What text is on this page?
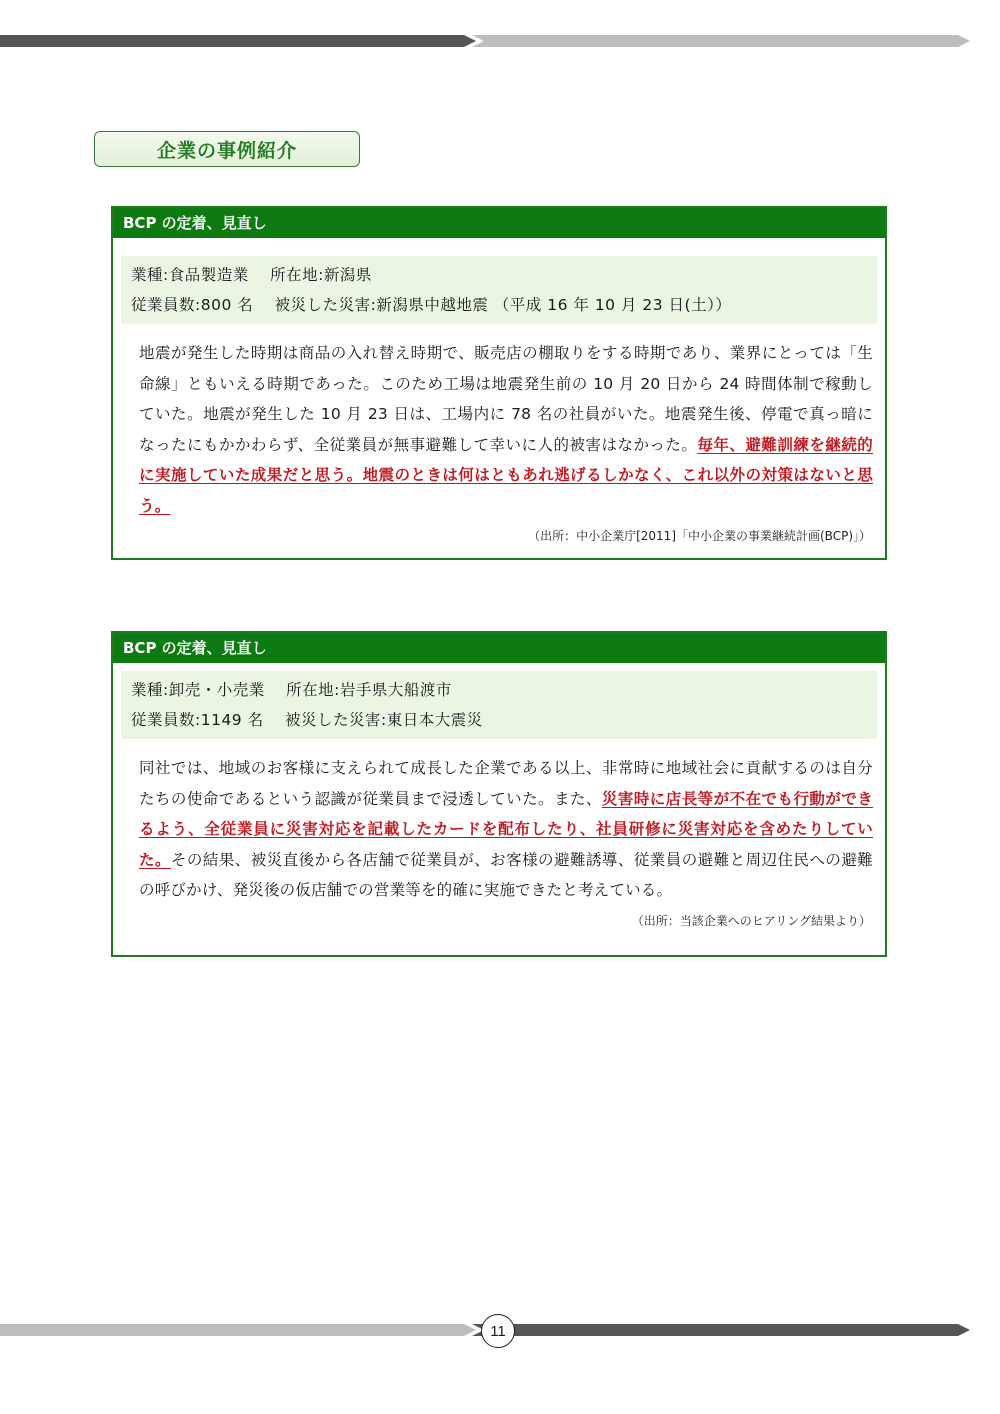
企業の事例紹介
BCP の定着、見直し
業種:食品製造業　 所在地:新潟県
従業員数:800 名　 被災した災害:新潟県中越地震 （平成 16 年 10 月 23 日(土））
地震が発生した時期は商品の入れ替え時期で、販売店の棚取りをする時期であり、業界にとっては「生命線」ともいえる時期であった。このため工場は地震発生前の 10 月 20 日から 24 時間体制で稼動していた。地震が発生した 10 月 23 日は、工場内に 78 名の社員がいた。地震発生後、停電で真っ暗になったにもかかわらず、全従業員が無事避難して幸いに人的被害はなかった。毎年、避難訓練を継続的に実施していた成果だと思う。地震のときは何はともあれ逃げるしかなく、これ以外の対策はないと思う。
（出所：中小企業庁[2011]「中小企業の事業継続計画(BCP)」）
BCP の定着、見直し
業種:卸売・小売業　 所在地:岩手県大船渡市
従業員数:1149 名　 被災した災害:東日本大震災
同社では、地域のお客様に支えられて成長した企業である以上、非常時に地域社会に貢献するのは自分たちの使命であるという認識が従業員まで浸透していた。また、災害時に店長等が不在でも行動ができるよう、全従業員に災害対応を記載したカードを配布したり、社員研修に災害対応を含めたりしていた。その結果、被災直後から各店舗で従業員が、お客様の避難誘導、従業員の避難と周辺住民への避難の呼びかけ、発災後の仮店舗での営業等を的確に実施できたと考えている。
（出所：当該企業へのヒアリング結果より）
11
